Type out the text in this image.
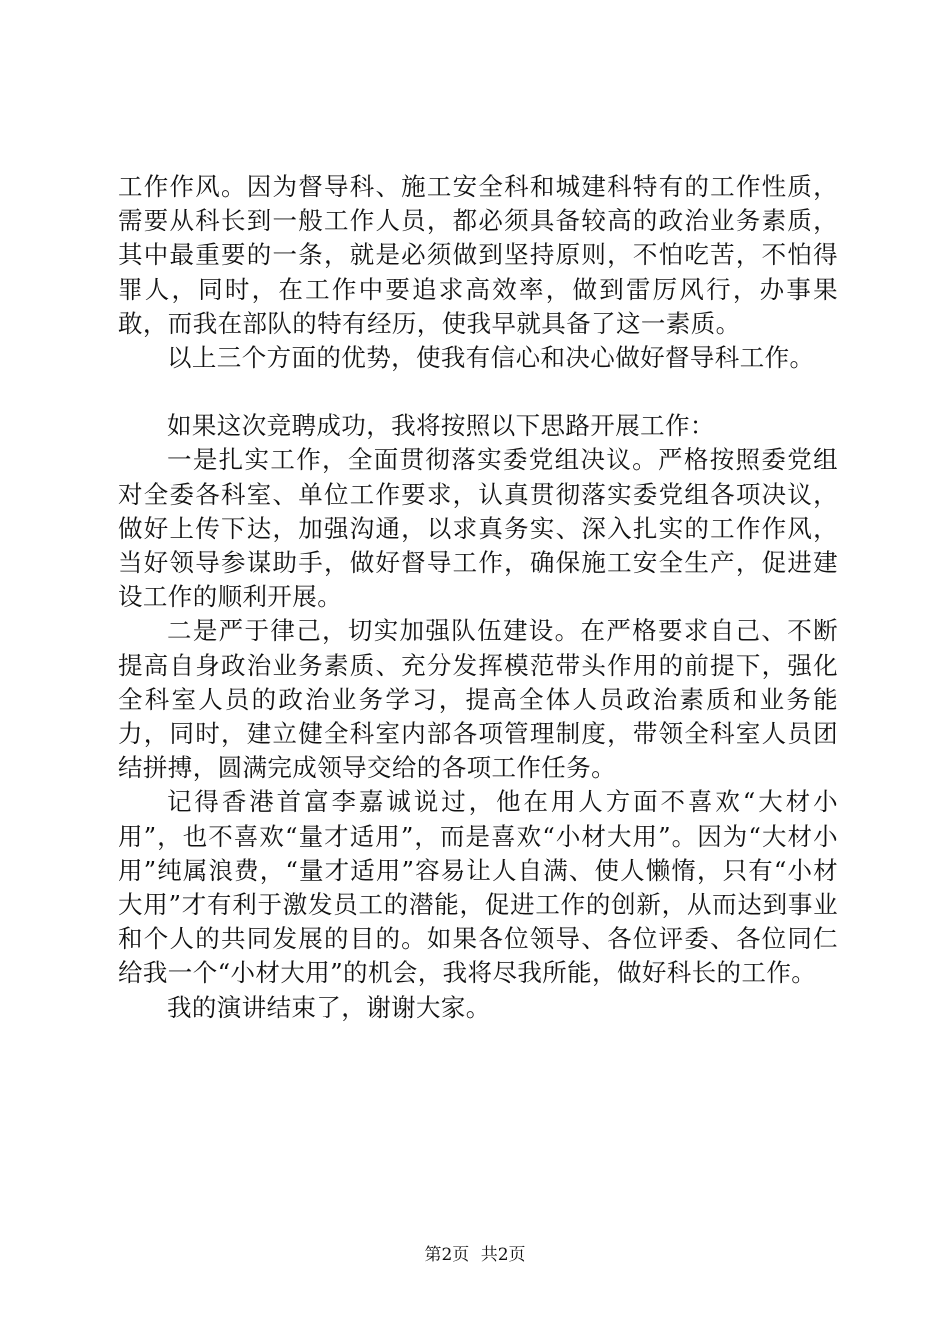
工作作风。因为督导科、施工安全科和城建科特有的工作性质，需要从科长到一般工作人员，都必须具备较高的政治业务素质，其中最重要的一条，就是必须做到坚持原则，不怕吃苦，不怕得罪人，同时，在工作中要追求高效率，做到雷厉风行，办事果敢，而我在部队的特有经历，使我早就具备了这一素质。

以上三个方面的优势，使我有信心和决心做好督导科工作。

如果这次竞聘成功，我将按照以下思路开展工作：

一是扎实工作，全面贯彻落实委党组决议。严格按照委党组对全委各科室、单位工作要求，认真贯彻落实委党组各项决议，做好上传下达，加强沟通，以求真务实、深入扎实的工作作风，当好领导参谋助手，做好督导工作，确保施工安全生产，促进建设工作的顺利开展。

二是严于律己，切实加强队伍建设。在严格要求自己、不断提高自身政治业务素质、充分发挥模范带头作用的前提下，强化全科室人员的政治业务学习，提高全体人员政治素质和业务能力，同时，建立健全科室内部各项管理制度，带领全科室人员团结拼搏，圆满完成领导交给的各项工作任务。

记得香港首富李嘉诚说过，他在用人方面不喜欢“大材小用”，也不喜欢“量才适用”，而是喜欢“小材大用”。因为“大材小用”纯属浪费，“量才适用”容易让人自满、使人懒惰，只有“小材大用”才有利于激发员工的潜能，促进工作的创新，从而达到事业和个人的共同发展的目的。如果各位领导、各位评委、各位同仁给我一个“小材大用”的机会，我将尽我所能，做好科长的工作。

我的演讲结束了，谢谢大家。

第2页 共2页
